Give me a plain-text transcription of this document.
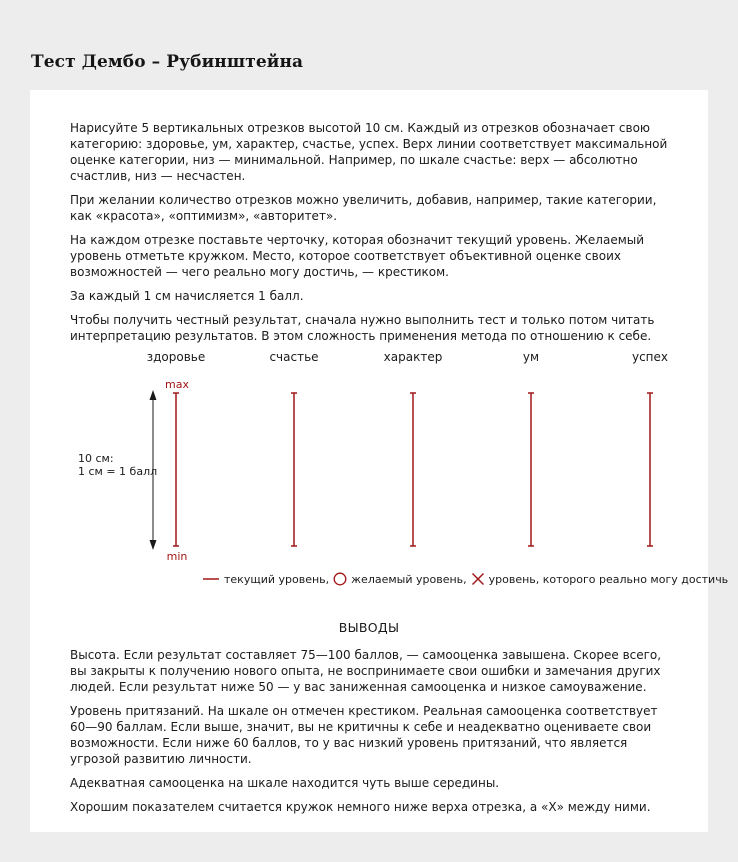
Тест Дембо – Рубинштейна

Нарисуйте 5 вертикальных отрезков высотой 10 см. Каждый из отрезков обозначает свою категорию: здоровье, ум, характер, счастье, успех. Верх линии соответствует максимальной оценке категории, низ — минимальной. Например, по шкале счастье: верх — абсолютно счастлив, низ — несчастен.

При желании количество отрезков можно увеличить, добавив, например, такие категории, как «красота», «оптимизм», «авторитет».

На каждом отрезке поставьте черточку, которая обозначит текущий уровень. Желаемый уровень отметьте кружком. Место, которое соответствует объективной оценке своих возможностей — чего реально могу достичь, — крестиком.

За каждый 1 см начисляется 1 балл.

Чтобы получить честный результат, сначала нужно выполнить тест и только потом читать интерпретацию результатов. В этом сложность применения метода по отношению к себе.

здоровье	счастье	характер	ум	успех
max
min
10 см:
1 см = 1 балл
текущий уровень, желаемый уровень, уровень, которого реально могу достичь
ВЫВОДЫ

Высота. Если результат составляет 75—100 баллов, — самооценка завышена. Скорее всего, вы закрыты к получению нового опыта, не воспринимаете свои ошибки и замечания других людей. Если результат ниже 50 — у вас заниженная самооценка и низкое самоуважение.

Уровень притязаний. На шкале он отмечен крестиком. Реальная самооценка соответствует 60—90 баллам. Если выше, значит, вы не критичны к себе и неадекватно оцениваете свои возможности. Если ниже 60 баллов, то у вас низкий уровень притязаний, что является угрозой развитию личности.

Адекватная самооценка на шкале находится чуть выше середины.

Хорошим показателем считается кружок немного ниже верха отрезка, а «Х» между ними.
